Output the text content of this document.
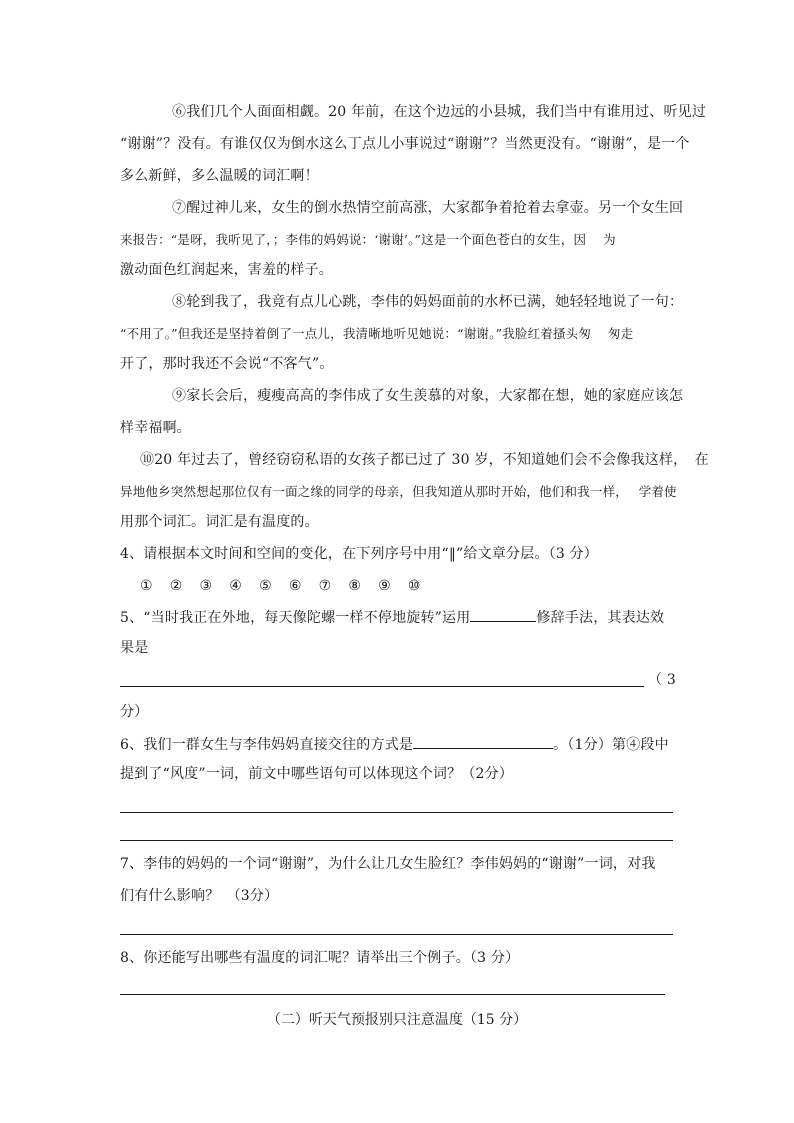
⑥我们几个人面面相觑。20 年前，在这个边远的小县城，我们当中有谁用过、听见过
“谢谢”？没有。有谁仅仅为倒水这么丁点儿小事说过“谢谢”？当然更没有。“谢谢”，是一个
多么新鲜，多么温暖的词汇啊！
⑦醒过神儿来，女生的倒水热情空前高涨，大家都争着抢着去拿壶。另一个女生回
来报告：“是呀，我听见了，；李伟的妈妈说：‘谢谢’。”这是一个面色苍白的女生，因　 为
激动面色红润起来，害羞的样子。
⑧轮到我了，我竟有点儿心跳，李伟的妈妈面前的水杯已满，她轻轻地说了一句：
“不用了。”但我还是坚持着倒了一点儿，我清晰地听见她说：“谢谢。”我脸红着搔头匆　 匆走
开了，那时我还不会说“不客气”。
⑨家长会后，瘦瘦高高的李伟成了女生羡慕的对象，大家都在想，她的家庭应该怎
样幸福啊。
⑩20 年过去了，曾经窃窃私语的女孩子都已过了 30 岁，不知道她们会不会像我这样，　在
异地他乡突然想起那位仅有一面之缘的同学的母亲，但我知道从那时开始，他们和我一样，　 学着使
用那个词汇。词汇是有温度的。
4、请根据本文时间和空间的变化，在下列序号中用“‖”给文章分层。（3 分）
① ② ③ ④ ⑤ ⑥ ⑦ ⑧ ⑨ ⑩
5、“当时我正在外地，每天像陀螺一样不停地旋转”运用	修辞手法，其表达效
果是
（ 3
分）
6、我们一群女生与李伟妈妈直接交往的方式是	。（1分）第④段中
提到了“风度”一词，前文中哪些语句可以体现这个词？（2分）
7、李伟的妈妈的一个词“谢谢”，为什么让几女生脸红？李伟妈妈的“谢谢”一词，对我
们有什么影响？　（3分）
8、你还能写出哪些有温度的词汇呢？请举出三个例子。（3 分）
（二）听天气预报别只注意温度（15 分）
